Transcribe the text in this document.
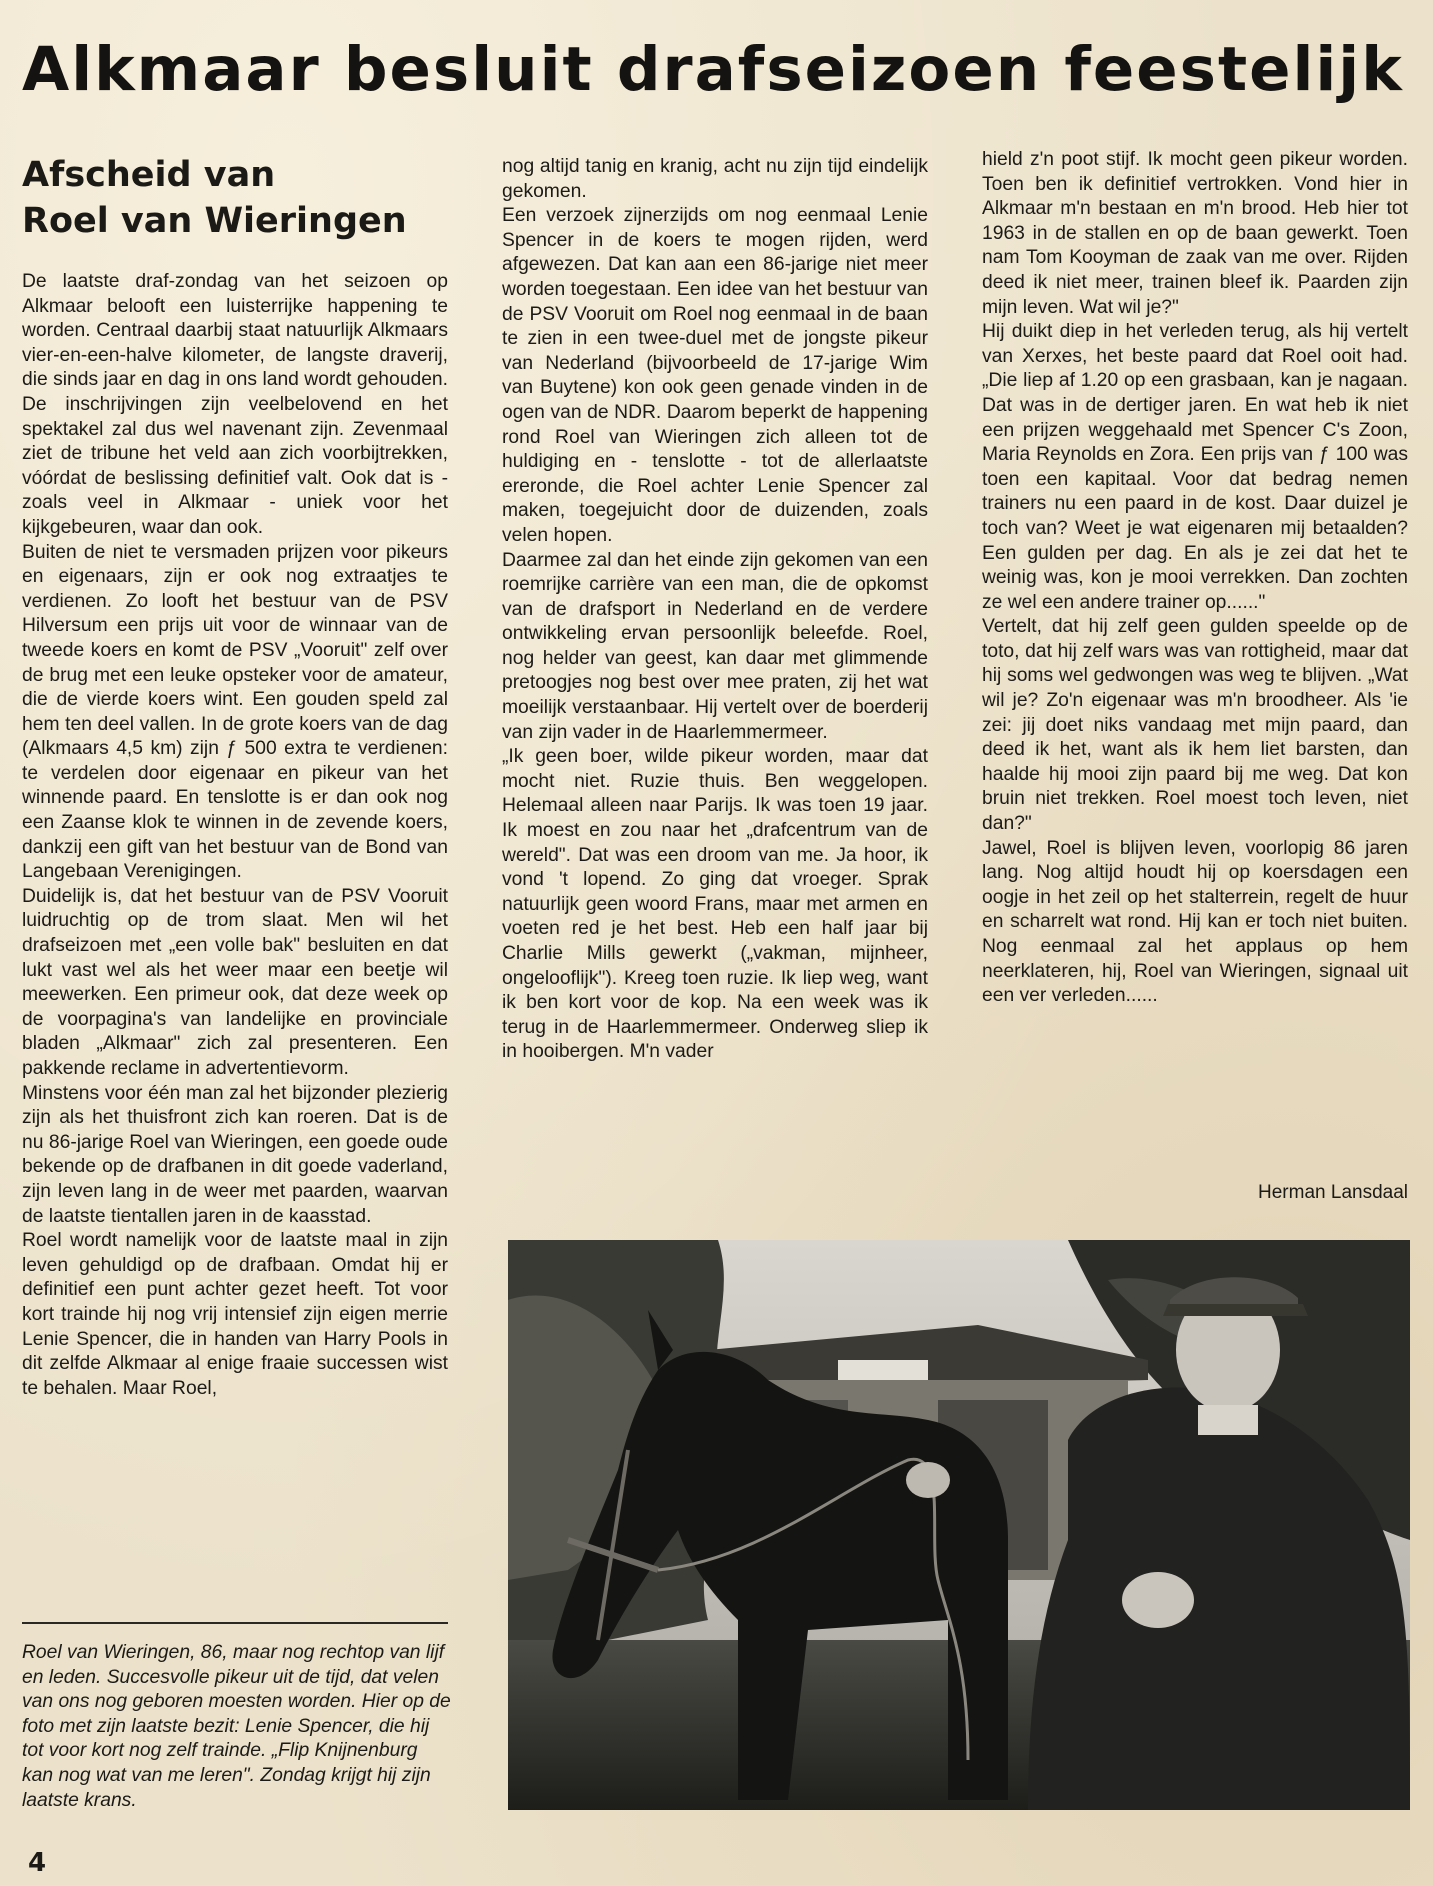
Alkmaar besluit drafseizoen feestelijk
Afscheid van
Roel van Wieringen

De laatste draf-zondag van het seizoen op Alkmaar belooft een luisterrijke happening te worden. Centraal daarbij staat natuurlijk Alkmaars vier-en-een-halve kilometer, de langste draverij, die sinds jaar en dag in ons land wordt gehouden. De inschrijvingen zijn veelbelovend en het spektakel zal dus wel navenant zijn. Zevenmaal ziet de tribune het veld aan zich voorbijtrekken, vóórdat de beslissing definitief valt. Ook dat is - zoals veel in Alkmaar - uniek voor het kijkgebeuren, waar dan ook.

Buiten de niet te versmaden prijzen voor pikeurs en eigenaars, zijn er ook nog extraatjes te verdienen. Zo looft het bestuur van de PSV Hilversum een prijs uit voor de winnaar van de tweede koers en komt de PSV „Vooruit" zelf over de brug met een leuke opsteker voor de amateur, die de vierde koers wint. Een gouden speld zal hem ten deel vallen. In de grote koers van de dag (Alkmaars 4,5 km) zijn ƒ 500 extra te verdienen: te verdelen door eigenaar en pikeur van het winnende paard. En tenslotte is er dan ook nog een Zaanse klok te winnen in de zevende koers, dankzij een gift van het bestuur van de Bond van Langebaan Verenigingen.

Duidelijk is, dat het bestuur van de PSV Vooruit luidruchtig op de trom slaat. Men wil het drafseizoen met „een volle bak" besluiten en dat lukt vast wel als het weer maar een beetje wil meewerken. Een primeur ook, dat deze week op de voorpagina's van landelijke en provinciale bladen „Alkmaar" zich zal presenteren. Een pakkende reclame in advertentievorm.

Minstens voor één man zal het bijzonder plezierig zijn als het thuisfront zich kan roeren. Dat is de nu 86-jarige Roel van Wieringen, een goede oude bekende op de drafbanen in dit goede vaderland, zijn leven lang in de weer met paarden, waarvan de laatste tientallen jaren in de kaasstad.

Roel wordt namelijk voor de laatste maal in zijn leven gehuldigd op de drafbaan. Omdat hij er definitief een punt achter gezet heeft. Tot voor kort trainde hij nog vrij intensief zijn eigen merrie Lenie Spencer, die in handen van Harry Pools in dit zelfde Alkmaar al enige fraaie successen wist te behalen. Maar Roel,

nog altijd tanig en kranig, acht nu zijn tijd eindelijk gekomen.

Een verzoek zijnerzijds om nog eenmaal Lenie Spencer in de koers te mogen rijden, werd afgewezen. Dat kan aan een 86-jarige niet meer worden toegestaan. Een idee van het bestuur van de PSV Vooruit om Roel nog eenmaal in de baan te zien in een twee-duel met de jongste pikeur van Nederland (bijvoorbeeld de 17-jarige Wim van Buytene) kon ook geen genade vinden in de ogen van de NDR. Daarom beperkt de happening rond Roel van Wieringen zich alleen tot de huldiging en - tenslotte - tot de allerlaatste ereronde, die Roel achter Lenie Spencer zal maken, toegejuicht door de duizenden, zoals velen hopen.

Daarmee zal dan het einde zijn gekomen van een roemrijke carrière van een man, die de opkomst van de drafsport in Nederland en de verdere ontwikkeling ervan persoonlijk beleefde. Roel, nog helder van geest, kan daar met glimmende pretoogjes nog best over mee praten, zij het wat moeilijk verstaanbaar. Hij vertelt over de boerderij van zijn vader in de Haarlemmermeer.

„Ik geen boer, wilde pikeur worden, maar dat mocht niet. Ruzie thuis. Ben weggelopen. Helemaal alleen naar Parijs. Ik was toen 19 jaar. Ik moest en zou naar het „drafcentrum van de wereld". Dat was een droom van me. Ja hoor, ik vond 't lopend. Zo ging dat vroeger. Sprak natuurlijk geen woord Frans, maar met armen en voeten red je het best. Heb een half jaar bij Charlie Mills gewerkt („vakman, mijnheer, ongelooflijk"). Kreeg toen ruzie. Ik liep weg, want ik ben kort voor de kop. Na een week was ik terug in de Haarlemmermeer. Onderweg sliep ik in hooibergen. M'n vader

hield z'n poot stijf. Ik mocht geen pikeur worden. Toen ben ik definitief vertrokken. Vond hier in Alkmaar m'n bestaan en m'n brood. Heb hier tot 1963 in de stallen en op de baan gewerkt. Toen nam Tom Kooyman de zaak van me over. Rijden deed ik niet meer, trainen bleef ik. Paarden zijn mijn leven. Wat wil je?"

Hij duikt diep in het verleden terug, als hij vertelt van Xerxes, het beste paard dat Roel ooit had. „Die liep af 1.20 op een grasbaan, kan je nagaan. Dat was in de dertiger jaren. En wat heb ik niet een prijzen weggehaald met Spencer C's Zoon, Maria Reynolds en Zora. Een prijs van ƒ 100 was toen een kapitaal. Voor dat bedrag nemen trainers nu een paard in de kost. Daar duizel je toch van? Weet je wat eigenaren mij betaalden? Een gulden per dag. En als je zei dat het te weinig was, kon je mooi verrekken. Dan zochten ze wel een andere trainer op......"

Vertelt, dat hij zelf geen gulden speelde op de toto, dat hij zelf wars was van rottigheid, maar dat hij soms wel gedwongen was weg te blijven. „Wat wil je? Zo'n eigenaar was m'n broodheer. Als 'ie zei: jij doet niks vandaag met mijn paard, dan deed ik het, want als ik hem liet barsten, dan haalde hij mooi zijn paard bij me weg. Dat kon bruin niet trekken. Roel moest toch leven, niet dan?"

Jawel, Roel is blijven leven, voorlopig 86 jaren lang. Nog altijd houdt hij op koersdagen een oogje in het zeil op het stalterrein, regelt de huur en scharrelt wat rond. Hij kan er toch niet buiten. Nog eenmaal zal het applaus op hem neerklateren, hij, Roel van Wieringen, signaal uit een ver verleden......

Herman Lansdaal

Roel van Wieringen, 86, maar nog rechtop van lijf en leden. Succesvolle pikeur uit de tijd, dat velen van ons nog geboren moesten worden. Hier op de foto met zijn laatste bezit: Lenie Spencer, die hij tot voor kort nog zelf trainde. „Flip Knijnenburg kan nog wat van me leren". Zondag krijgt hij zijn laatste krans.

4
